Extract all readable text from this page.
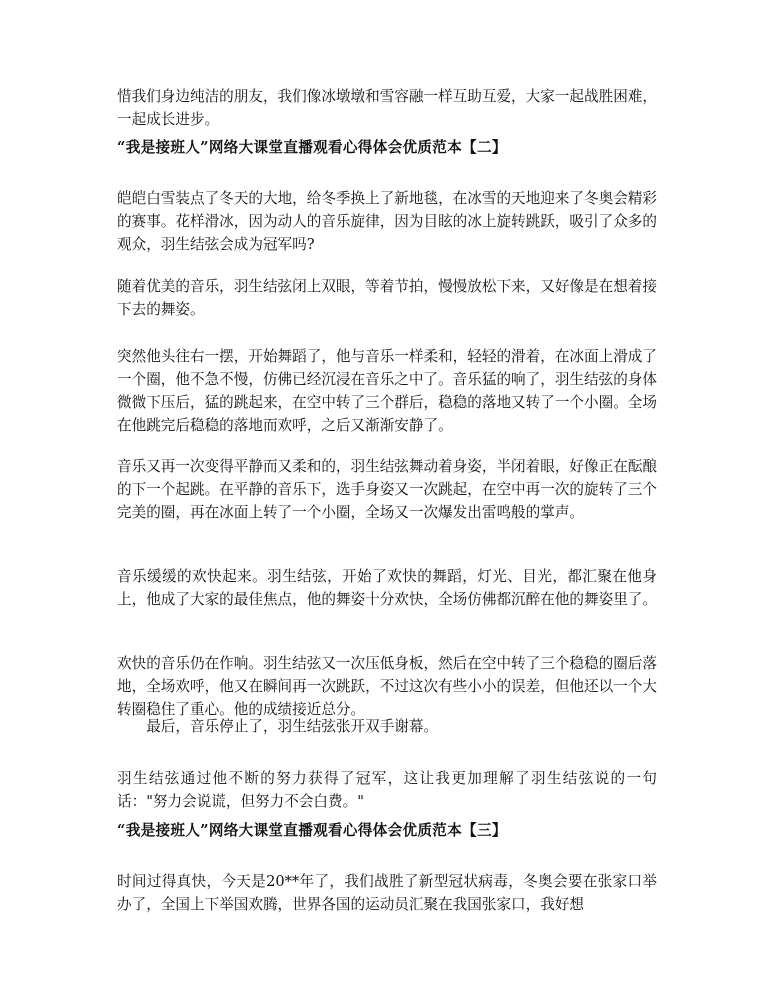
惜我们身边纯洁的朋友，我们像冰墩墩和雪容融一样互助互爱，大家一起战胜困难，一起成长进步。

“我是接班人”网络大课堂直播观看心得体会优质范本【二】

皑皑白雪装点了冬天的大地，给冬季换上了新地毯，在冰雪的天地迎来了冬奥会精彩的赛事。花样滑冰，因为动人的音乐旋律，因为目眩的冰上旋转跳跃，吸引了众多的观众，羽生结弦会成为冠军吗?

随着优美的音乐，羽生结弦闭上双眼，等着节拍，慢慢放松下来，又好像是在想着接下去的舞姿。

突然他头往右一摆，开始舞蹈了，他与音乐一样柔和，轻轻的滑着，在冰面上滑成了一个圈，他不急不慢，仿佛已经沉浸在音乐之中了。音乐猛的响了，羽生结弦的身体微微下压后，猛的跳起来，在空中转了三个群后，稳稳的落地又转了一个小圈。全场在他跳完后稳稳的落地而欢呼，之后又渐渐安静了。

音乐又再一次变得平静而又柔和的，羽生结弦舞动着身姿，半闭着眼，好像正在酝酿的下一个起跳。在平静的音乐下，选手身姿又一次跳起，在空中再一次的旋转了三个完美的圈，再在冰面上转了一个小圈，全场又一次爆发出雷鸣般的掌声。

音乐缓缓的欢快起来。羽生结弦，开始了欢快的舞蹈，灯光、目光，都汇聚在他身上，他成了大家的最佳焦点，他的舞姿十分欢快，全场仿佛都沉醉在他的舞姿里了。

欢快的音乐仍在作响。羽生结弦又一次压低身板，然后在空中转了三个稳稳的圈后落地，全场欢呼，他又在瞬间再一次跳跃，不过这次有些小小的误差，但他还以一个大转圈稳住了重心。他的成绩接近总分。

最后，音乐停止了，羽生结弦张开双手谢幕。

羽生结弦通过他不断的努力获得了冠军，这让我更加理解了羽生结弦说的一句话："努力会说谎，但努力不会白费。"

“我是接班人”网络大课堂直播观看心得体会优质范本【三】

时间过得真快，今天是20**年了，我们战胜了新型冠状病毒，冬奥会要在张家口举办了，全国上下举国欢腾，世界各国的运动员汇聚在我国张家口，我好想
